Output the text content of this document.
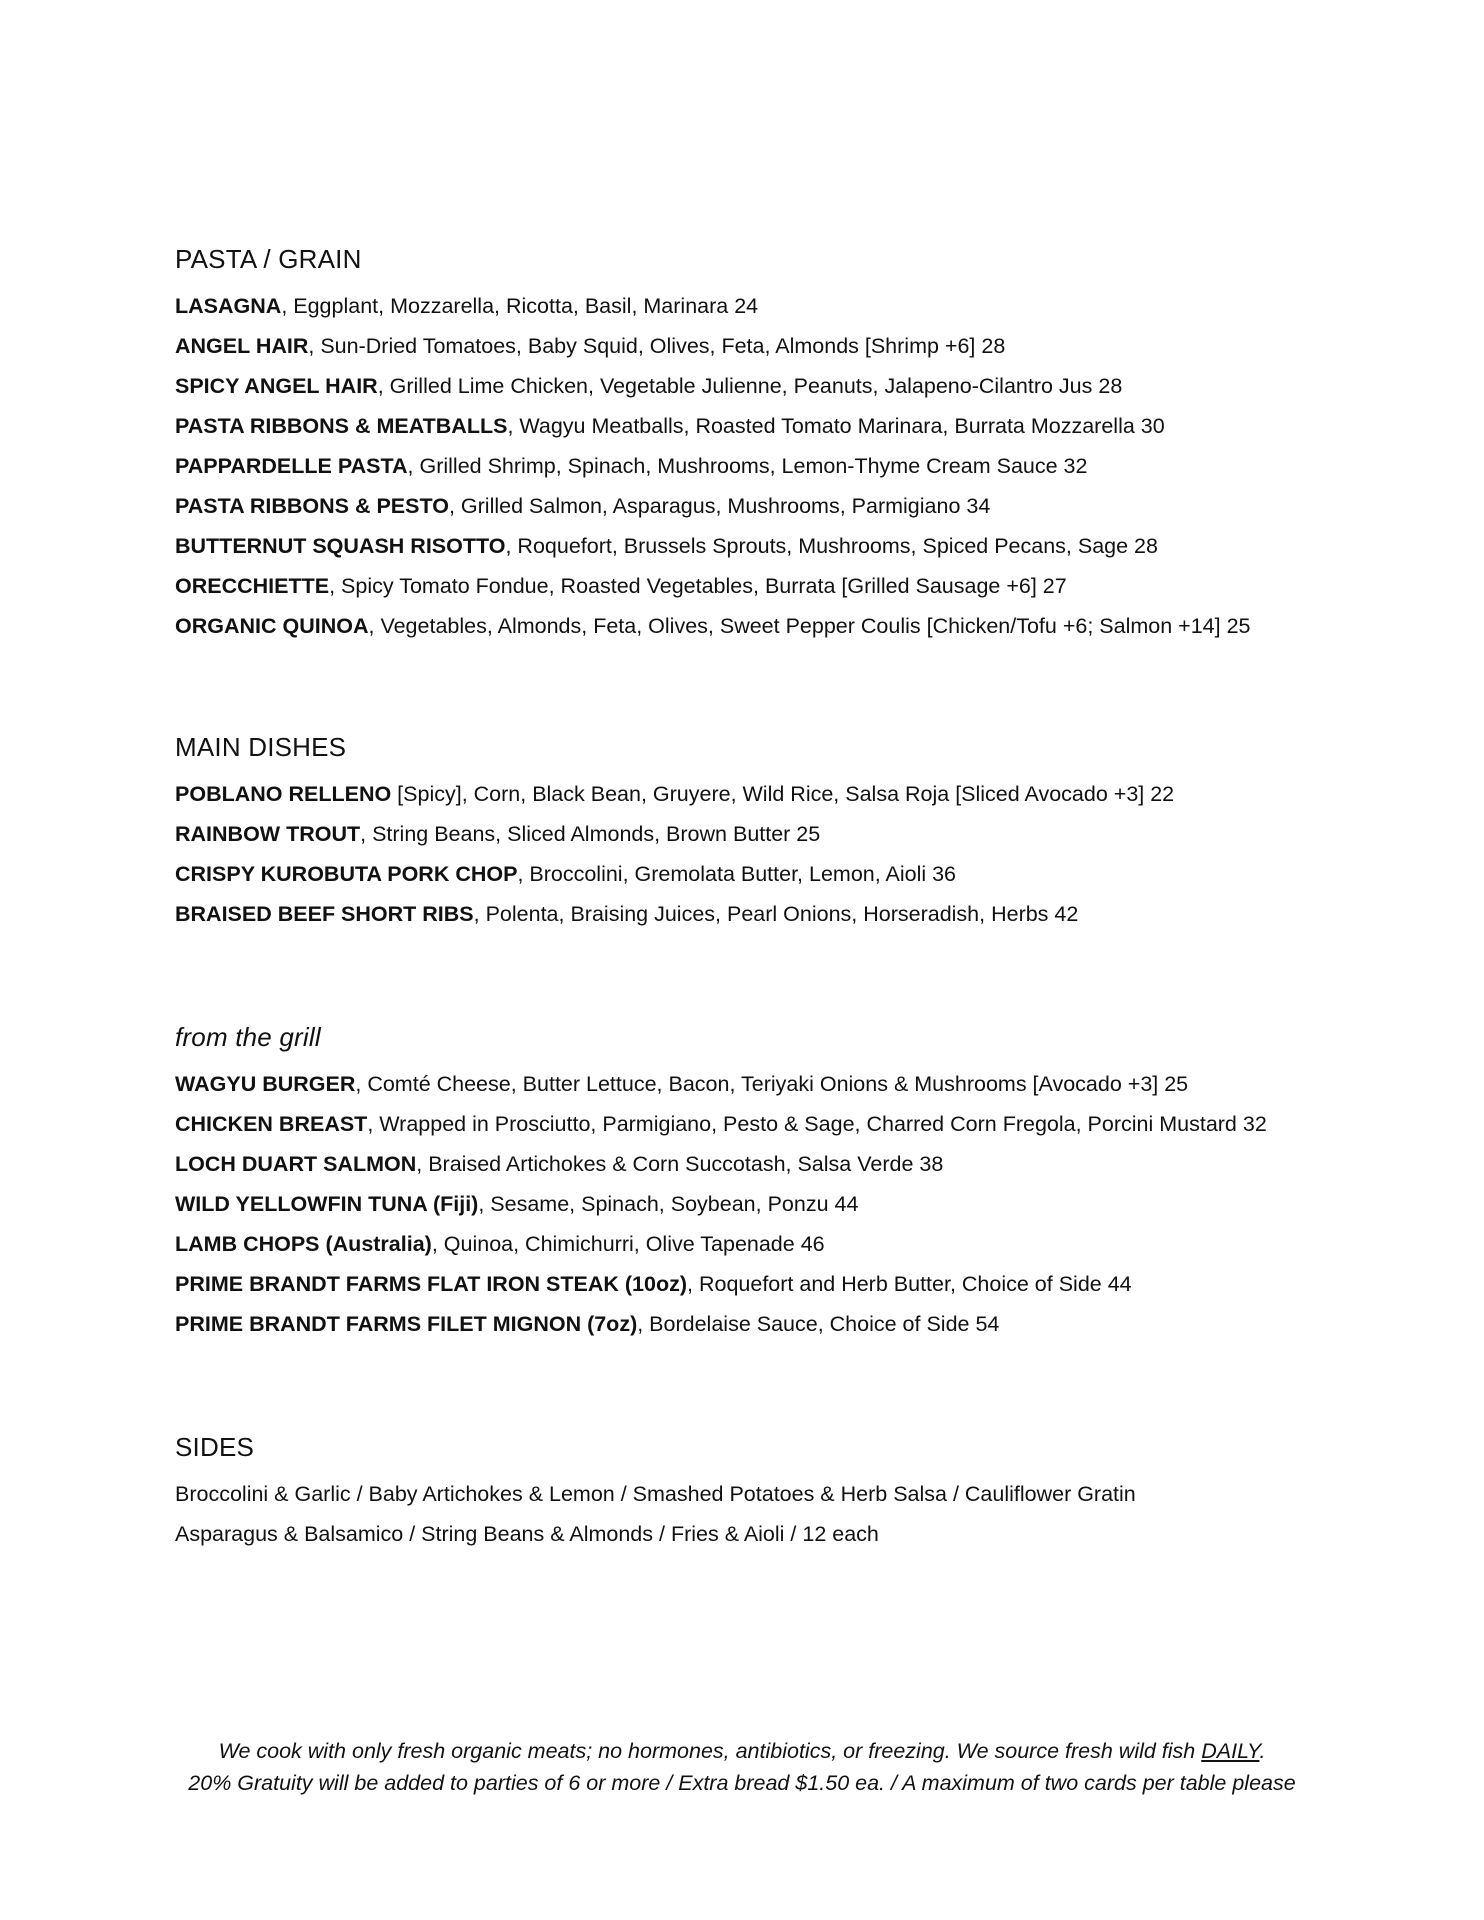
PASTA / GRAIN
LASAGNA, Eggplant, Mozzarella, Ricotta, Basil, Marinara 24
ANGEL HAIR, Sun-Dried Tomatoes, Baby Squid, Olives, Feta, Almonds [Shrimp +6] 28
SPICY ANGEL HAIR, Grilled Lime Chicken, Vegetable Julienne, Peanuts, Jalapeno-Cilantro Jus 28
PASTA RIBBONS & MEATBALLS, Wagyu Meatballs, Roasted Tomato Marinara, Burrata Mozzarella 30
PAPPARDELLE PASTA, Grilled Shrimp, Spinach, Mushrooms, Lemon-Thyme Cream Sauce 32
PASTA RIBBONS & PESTO, Grilled Salmon, Asparagus, Mushrooms, Parmigiano 34
BUTTERNUT SQUASH RISOTTO, Roquefort, Brussels Sprouts, Mushrooms, Spiced Pecans, Sage 28
ORECCHIETTE, Spicy Tomato Fondue, Roasted Vegetables, Burrata [Grilled Sausage +6] 27
ORGANIC QUINOA, Vegetables, Almonds, Feta, Olives, Sweet Pepper Coulis [Chicken/Tofu +6; Salmon +14] 25
MAIN DISHES
POBLANO RELLENO [Spicy], Corn, Black Bean, Gruyere, Wild Rice, Salsa Roja [Sliced Avocado +3] 22
RAINBOW TROUT, String Beans, Sliced Almonds, Brown Butter 25
CRISPY KUROBUTA PORK CHOP, Broccolini, Gremolata Butter, Lemon, Aioli 36
BRAISED BEEF SHORT RIBS, Polenta, Braising Juices, Pearl Onions, Horseradish, Herbs 42
from the grill
WAGYU BURGER, Comté Cheese, Butter Lettuce, Bacon, Teriyaki Onions & Mushrooms [Avocado +3] 25
CHICKEN BREAST, Wrapped in Prosciutto, Parmigiano, Pesto & Sage, Charred Corn Fregola, Porcini Mustard 32
LOCH DUART SALMON, Braised Artichokes & Corn Succotash, Salsa Verde 38
WILD YELLOWFIN TUNA (Fiji), Sesame, Spinach, Soybean, Ponzu 44
LAMB CHOPS (Australia), Quinoa, Chimichurri, Olive Tapenade 46
PRIME BRANDT FARMS FLAT IRON STEAK (10oz), Roquefort and Herb Butter, Choice of Side 44
PRIME BRANDT FARMS FILET MIGNON (7oz), Bordelaise Sauce, Choice of Side 54
SIDES
Broccolini & Garlic / Baby Artichokes & Lemon / Smashed Potatoes & Herb Salsa / Cauliflower Gratin
Asparagus & Balsamico / String Beans & Almonds / Fries & Aioli / 12 each
We cook with only fresh organic meats; no hormones, antibiotics, or freezing. We source fresh wild fish DAILY.
20% Gratuity will be added to parties of 6 or more / Extra bread $1.50 ea. / A maximum of two cards per table please
